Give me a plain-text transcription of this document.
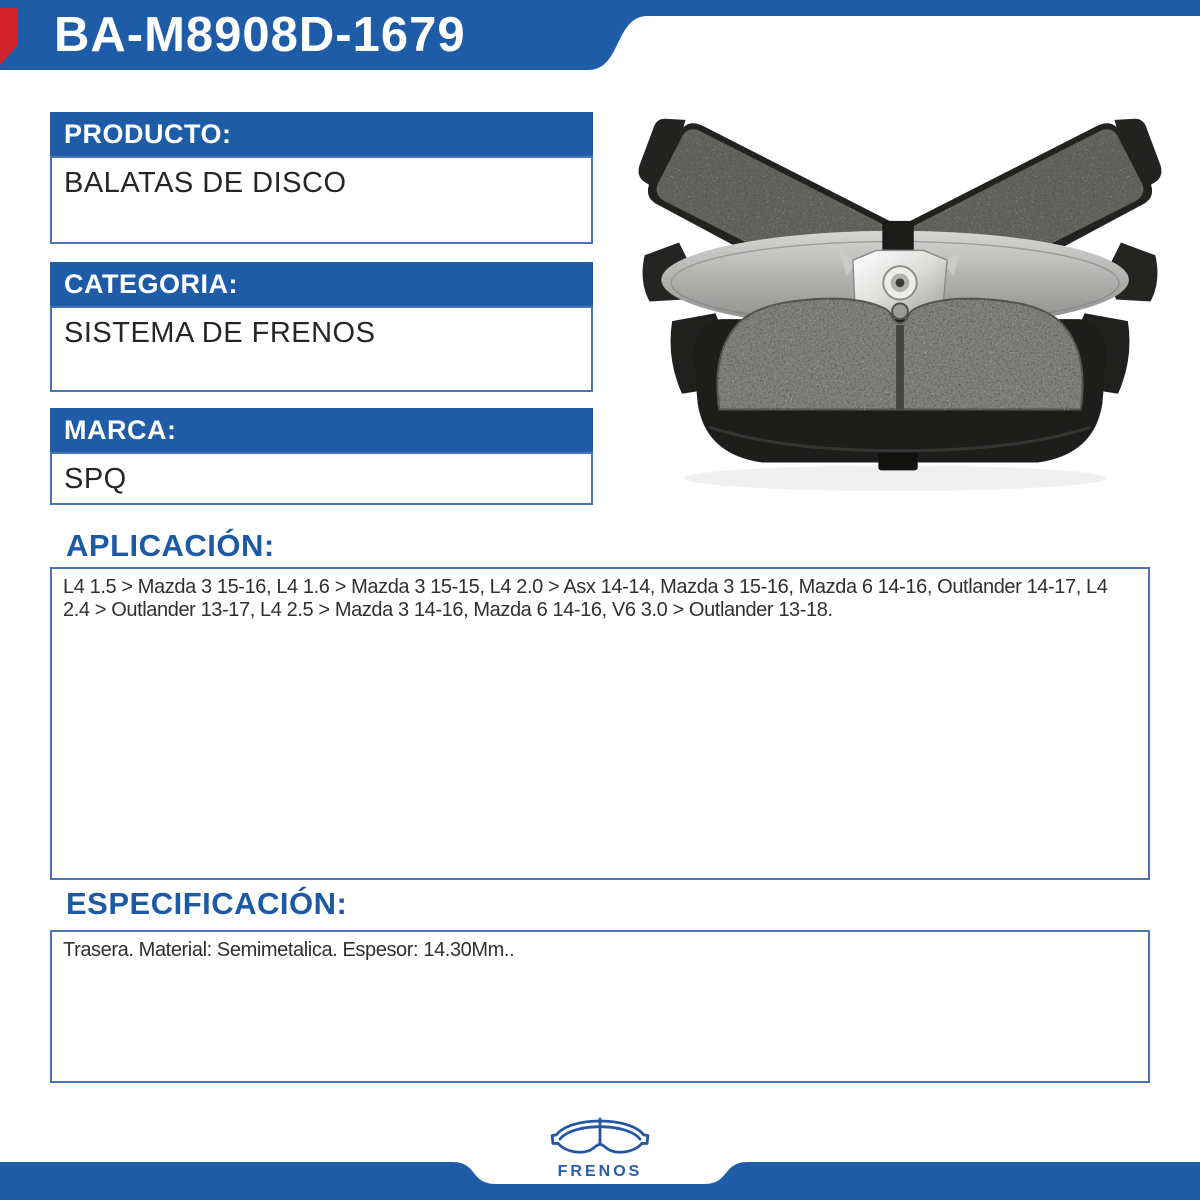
BA-M8908D-1679
PRODUCTO:
BALATAS DE DISCO
CATEGORIA:
SISTEMA DE FRENOS
MARCA:
SPQ
APLICACIÓN:
L4 1.5 > Mazda 3 15-16, L4 1.6 > Mazda 3 15-15, L4 2.0 > Asx 14-14, Mazda 3 15-16, Mazda 6 14-16, Outlander 14-17, L4 2.4 > Outlander 13-17, L4 2.5 > Mazda 3 14-16, Mazda 6 14-16, V6 3.0 > Outlander 13-18.
ESPECIFICACIÓN:
Trasera. Material: Semimetalica. Espesor: 14.30Mm..
FRENOS
